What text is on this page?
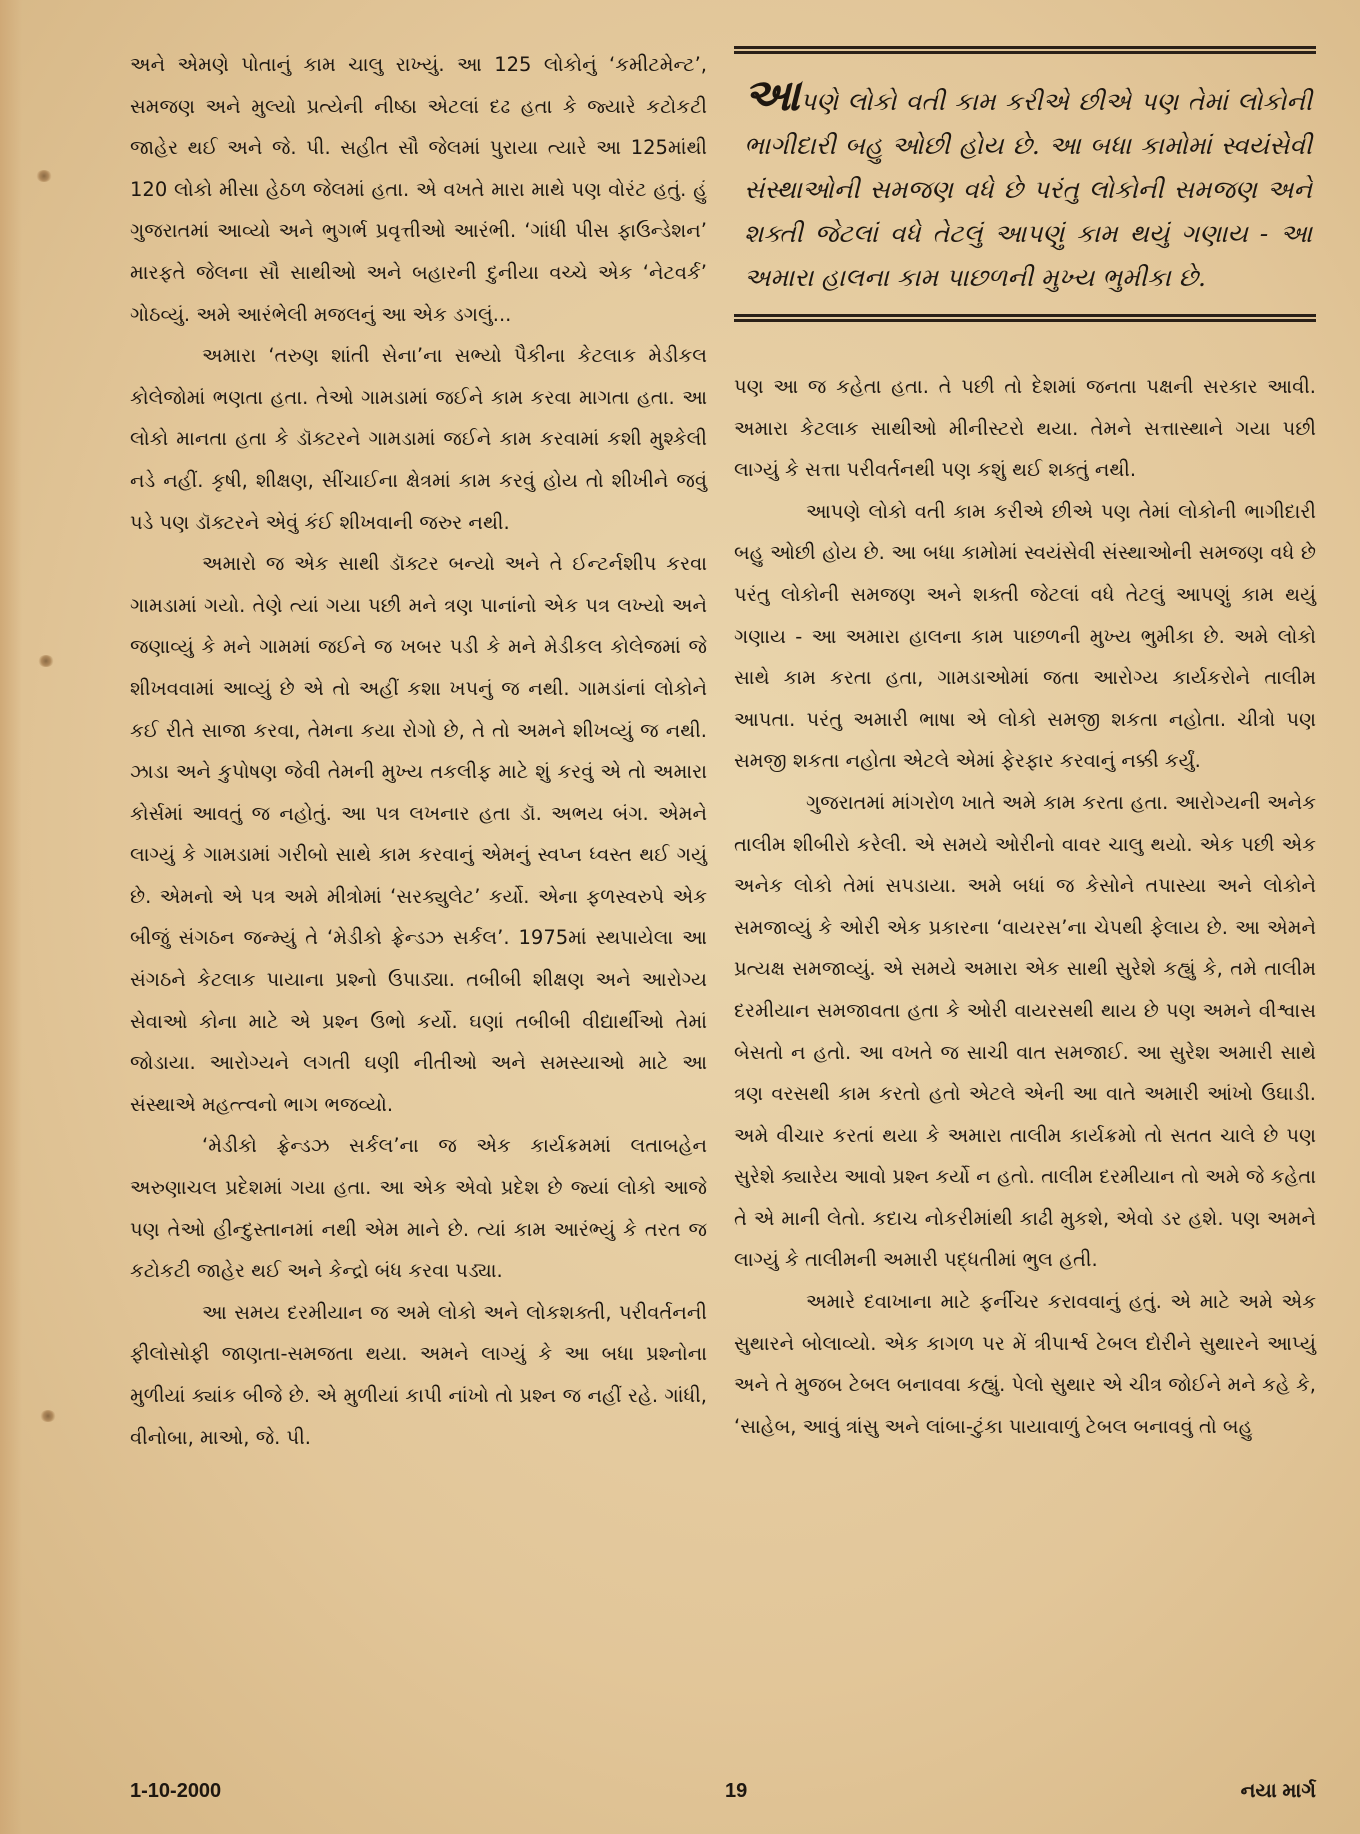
અને એમણે પોતાનું કામ ચાલુ રાખ્યું. આ 125 લોકોનું ‘કમીટમેન્ટ’, સમજણ અને મુલ્યો પ્રત્યેની નીષ્ઠા એટલાં દઢ હતા કે જ્યારે કટોકટી જાહેર થઈ અને જે. પી. સહીત સૌ જેલમાં પુરાયા ત્યારે આ 125માંથી 120 લોકો મીસા હેઠળ જેલમાં હતા. એ વખતે મારા માથે પણ વોરંટ હતું. હું ગુજરાતમાં આવ્યો અને ભુગર્ભ પ્રવૃત્તીઓ આરંભી. ‘ગાંધી પીસ ફાઉન્ડેશન’ મારફતે જેલના સૌ સાથીઓ અને બહારની દુનીયા વચ્ચે એક ‘નેટવર્ક’ ગોઠવ્યું. અમે આરંભેલી મજલનું આ એક ડગલું...

અમારા ‘તરુણ શાંતી સેના’ના સભ્યો પૈકીના કેટલાક મેડીકલ કોલેજોમાં ભણતા હતા. તેઓ ગામડામાં જઈને કામ કરવા માગતા હતા. આ લોકો માનતા હતા કે ડૉક્ટરને ગામડામાં જઈને કામ કરવામાં કશી મુશ્કેલી નડે નહીં. કૃષી, શીક્ષણ, સીંચાઈના ક્ષેત્રમાં કામ કરવું હોય તો શીખીને જવું પડે પણ ડૉક્ટરને એવું કંઈ શીખવાની જરુર નથી.

અમારો જ એક સાથી ડૉક્ટર બન્યો અને તે ઈન્ટર્નશીપ કરવા ગામડામાં ગયો. તેણે ત્યાં ગયા પછી મને ત્રણ પાનાંનો એક પત્ર લખ્યો અને જણાવ્યું કે મને ગામમાં જઈને જ ખબર પડી કે મને મેડીકલ કોલેજમાં જે શીખવવામાં આવ્યું છે એ તો અહીં કશા ખપનું જ નથી. ગામડાંનાં લોકોને કઈ રીતે સાજા કરવા, તેમના કયા રોગો છે, તે તો અમને શીખવ્યું જ નથી. ઝાડા અને કુપોષણ જેવી તેમની મુખ્ય તકલીફ માટે શું કરવું એ તો અમારા કોર્સમાં આવતું જ નહોતું. આ પત્ર લખનાર હતા ડૉ. અભય બંગ. એમને લાગ્યું કે ગામડામાં ગરીબો સાથે કામ કરવાનું એમનું સ્વપ્ન ધ્વસ્ત થઈ ગયું છે. એમનો એ પત્ર અમે મીત્રોમાં ‘સરક્યુલેટ’ કર્યો. એના ફળસ્વરુપે એક બીજું સંગઠન જન્મ્યું તે ‘મેડીકો ફ્રેન્ડઝ સર્કલ’. 1975માં સ્થપાયેલા આ સંગઠને કેટલાક પાયાના પ્રશ્નો ઉપાડ્યા. તબીબી શીક્ષણ અને આરોગ્ય સેવાઓ કોના માટે એ પ્રશ્ન ઉભો કર્યો. ઘણાં તબીબી વીદ્યાર્થીઓ તેમાં જોડાયા. આરોગ્યને લગતી ઘણી નીતીઓ અને સમસ્યાઓ માટે આ સંસ્થાએ મહત્ત્વનો ભાગ ભજવ્યો.

‘મેડીકો ફ્રેન્ડઝ સર્કલ’ના જ એક કાર્યક્રમમાં લતાબહેન અરુણાચલ પ્રદેશમાં ગયા હતા. આ એક એવો પ્રદેશ છે જ્યાં લોકો આજે પણ તેઓ હીન્દુસ્તાનમાં નથી એમ માને છે. ત્યાં કામ આરંભ્યું કે તરત જ કટોકટી જાહેર થઈ અને કેન્દ્રો બંધ કરવા પડ્યા.

આ સમય દરમીયાન જ અમે લોકો અને લોકશક્તી, પરીવર્તનની ફીલોસોફી જાણતા-સમજતા થયા. અમને લાગ્યું કે આ બધા પ્રશ્નોના મુળીયાં ક્યાંક બીજે છે. એ મુળીયાં કાપી નાંખો તો પ્રશ્ન જ નહીં રહે. ગાંધી, વીનોબા, માઓ, જે. પી.

આપણે લોકો વતી કામ કરીએ છીએ પણ તેમાં લોકોની ભાગીદારી બહુ ઓછી હોય છે. આ બધા કામોમાં સ્વયંસેવી સંસ્થાઓની સમજણ વધે છે પરંતુ લોકોની સમજણ અને શક્તી જેટલાં વધે તેટલું આપણું કામ થયું ગણાય - આ અમારા હાલના કામ પાછળની મુખ્ય ભુમીકા છે.

પણ આ જ કહેતા હતા. તે પછી તો દેશમાં જનતા પક્ષની સરકાર આવી. અમારા કેટલાક સાથીઓ મીનીસ્ટરો થયા. તેમને સત્તાસ્થાને ગયા પછી લાગ્યું કે સત્તા પરીવર્તનથી પણ કશું થઈ શક્તું નથી.

આપણે લોકો વતી કામ કરીએ છીએ પણ તેમાં લોકોની ભાગીદારી બહુ ઓછી હોય છે. આ બધા કામોમાં સ્વયંસેવી સંસ્થાઓની સમજણ વધે છે પરંતુ લોકોની સમજણ અને શક્તી જેટલાં વધે તેટલું આપણું કામ થયું ગણાય - આ અમારા હાલના કામ પાછળની મુખ્ય ભુમીકા છે. અમે લોકો સાથે કામ કરતા હતા, ગામડાઓમાં જતા આરોગ્ય કાર્યકરોને તાલીમ આપતા. પરંતુ અમારી ભાષા એ લોકો સમજી શકતા નહોતા. ચીત્રો પણ સમજી શકતા નહોતા એટલે એમાં ફેરફાર કરવાનું નક્કી કર્યું.

ગુજરાતમાં માંગરોળ ખાતે અમે કામ કરતા હતા. આરોગ્યની અનેક તાલીમ શીબીરો કરેલી. એ સમયે ઓરીનો વાવર ચાલુ થયો. એક પછી એક અનેક લોકો તેમાં સપડાયા. અમે બધાં જ કેસોને તપાસ્યા અને લોકોને સમજાવ્યું કે ઓરી એક પ્રકારના ‘વાયરસ’ના ચેપથી ફેલાય છે. આ એમને પ્રત્યક્ષ સમજાવ્યું. એ સમયે અમારા એક સાથી સુરેશે કહ્યું કે, તમે તાલીમ દરમીયાન સમજાવતા હતા કે ઓરી વાયરસથી થાય છે પણ અમને વીશ્વાસ બેસતો ન હતો. આ વખતે જ સાચી વાત સમજાઈ. આ સુરેશ અમારી સાથે ત્રણ વરસથી કામ કરતો હતો એટલે એની આ વાતે અમારી આંખો ઉઘાડી. અમે વીચાર કરતાં થયા કે અમારા તાલીમ કાર્યક્રમો તો સતત ચાલે છે પણ સુરેશે ક્યારેય આવો પ્રશ્ન કર્યો ન હતો. તાલીમ દરમીયાન તો અમે જે કહેતા તે એ માની લેતો. કદાચ નોકરીમાંથી કાઢી મુકશે, એવો ડર હશે. પણ અમને લાગ્યું કે તાલીમની અમારી પદ્ધતીમાં ભુલ હતી.

અમારે દવાખાના માટે ફર્નીચર કરાવવાનું હતું. એ માટે અમે એક સુથારને બોલાવ્યો. એક કાગળ પર મેં ત્રીપાર્શ્વ ટેબલ દોરીને સુથારને આપ્યું અને તે મુજબ ટેબલ બનાવવા કહ્યું. પેલો સુથાર એ ચીત્ર જોઈને મને કહે કે, ‘સાહેબ, આવું ત્રાંસુ અને લાંબા-ટુંકા પાયાવાળું ટેબલ બનાવવું તો બહુ

1-10-2000	19	નયા માર્ગ
